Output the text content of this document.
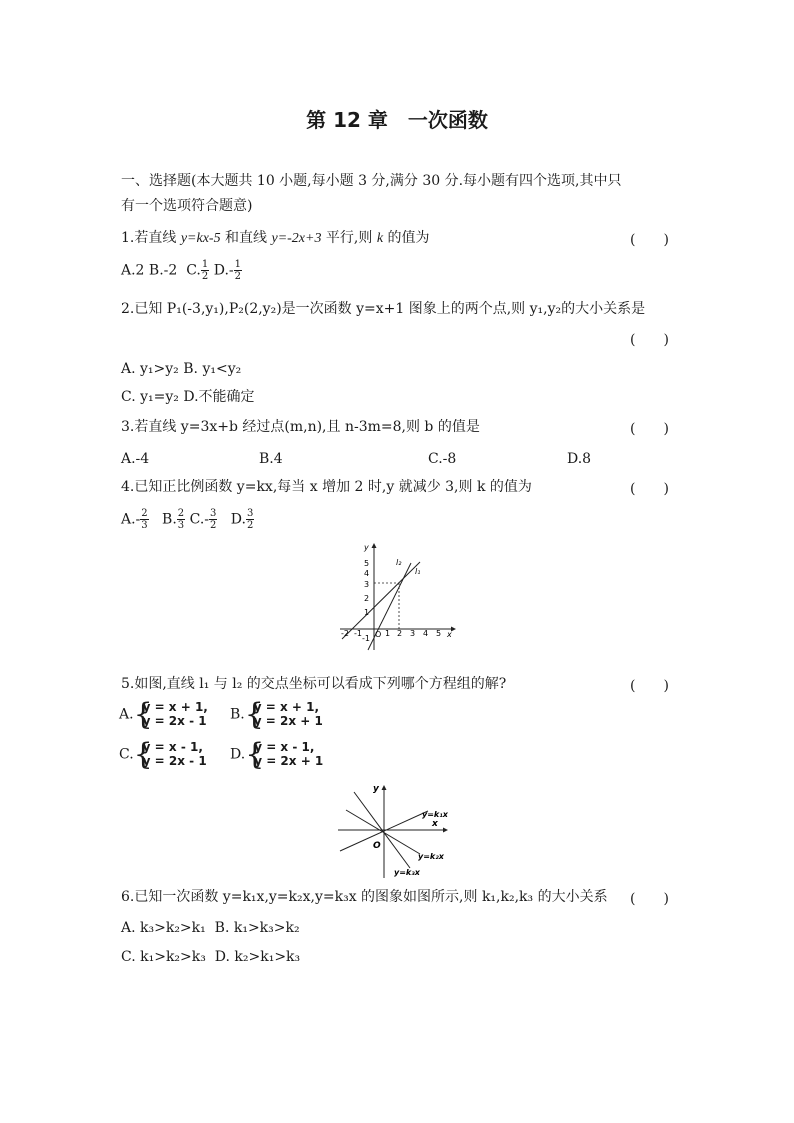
第 12 章　一次函数
一、选择题(本大题共 10 小题,每小题 3 分,满分 30 分.每小题有四个选项,其中只
有一个选项符合题意)
1.若直线 y=kx-5 和直线 y=-2x+3 平行,则 k 的值为	(　　)
A.2 B.-2 C. $\frac{1}{2} D.- \frac{1}{2}$
2.已知 P₁(-3,y₁),P₂(2,y₂)是一次函数 y=x+1 图象上的两个点,则 y₁,y₂的大小关系是
(　　)
A. y₁>y₂ B. y₁<y₂
C. y₁=y₂ D.不能确定
3.若直线 y=3x+b 经过点(m,n),且 n-3m=8,则 b 的值是	(　　)
A.-4	B.4	C.-8	D.8
4.已知正比例函数 y=kx,每当 x 增加 2 时,y 就减少 3,则 k 的值为	(　　)
$A.- \frac{2}{3} B$. $\frac{2}{3} C.- \frac{3}{2} D$. $\frac{3}{2}$
y
x
O
l₁
l₂
5
4
3
2
1
-1
-2 -1	1 2 3 4 5
5.如图,直线 l₁ 与 l₂ 的交点坐标可以看成下列哪个方程组的解?	(　　)
A. {
y = x + 1,
y = 2x - 1 B. {
y = x + 1,
y = 2x + 1
C. {
y = x - 1,
y = 2x - 1 D. {
y = x - 1,
y = 2x + 1
y
x
O
y=k₁x
y=k₂x
y=k₃x
6.已知一次函数 y=k₁x,y=k₂x,y=k₃x 的图象如图所示,则 k₁,k₂,k₃ 的大小关系 (　　)
A. k₃>k₂>k₁ B. k₁>k₃>k₂
C. k₁>k₂>k₃ D. k₂>k₁>k₃
